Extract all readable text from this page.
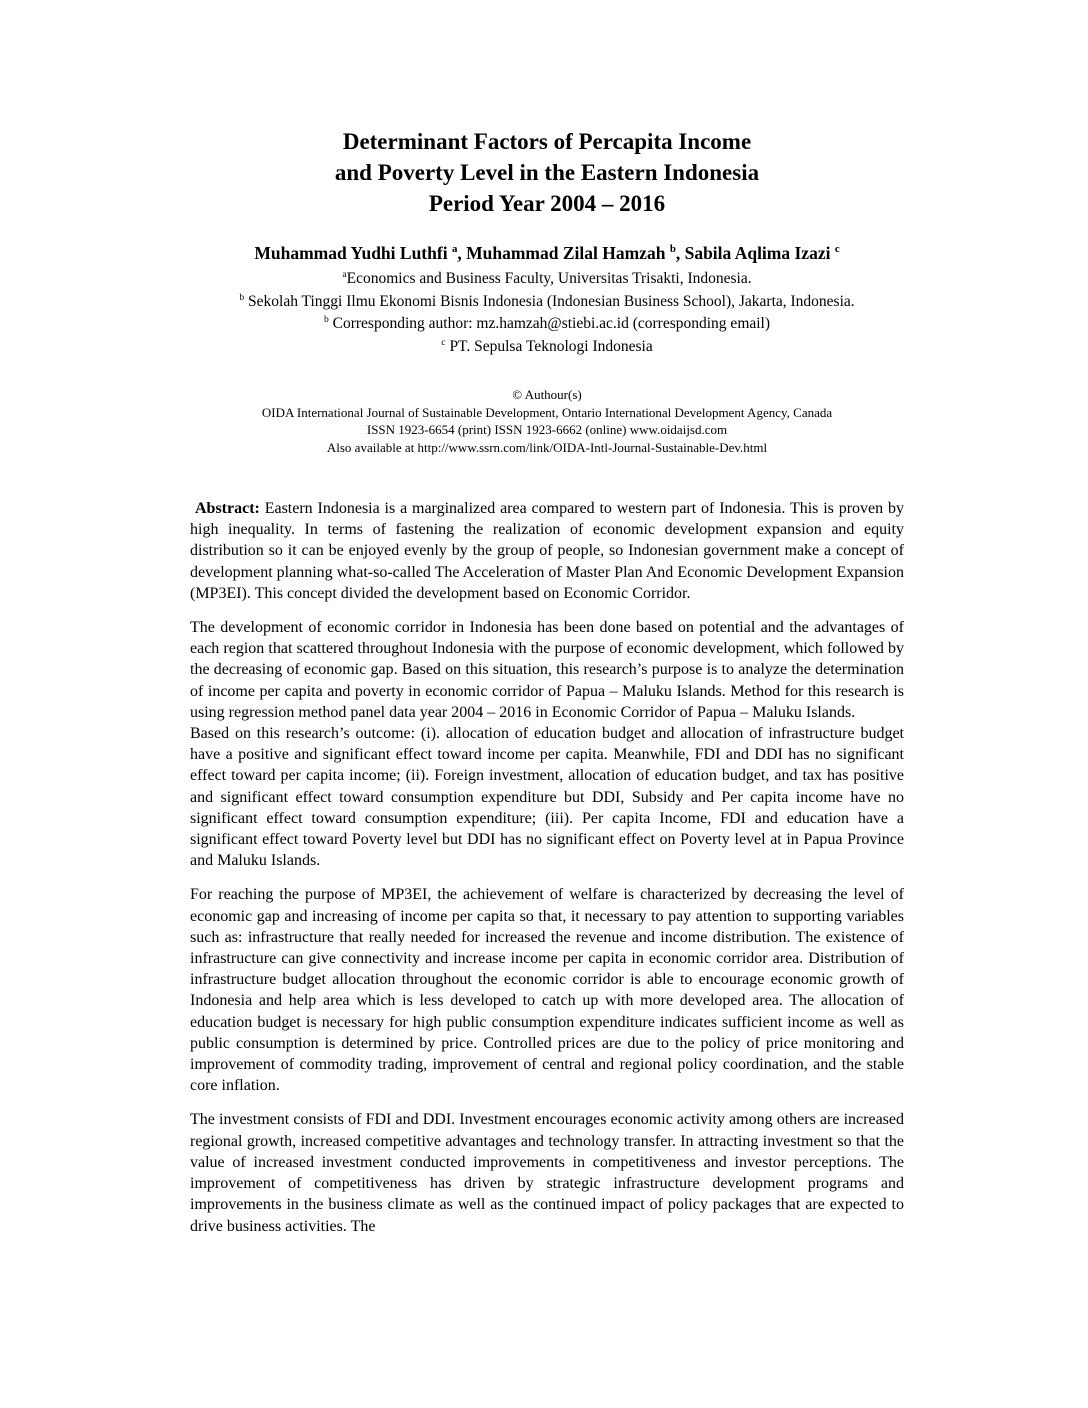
Determinant Factors of Percapita Income
and Poverty Level in the Eastern Indonesia
Period Year 2004 – 2016
Muhammad Yudhi Luthfi $^a$, Muhammad Zilal Hamzah $^b$, Sabila Aqlima Izazi $^c$
$^a$Economics and Business Faculty, Universitas Trisakti, Indonesia.
$^b$ Sekolah Tinggi Ilmu Ekonomi Bisnis Indonesia (Indonesian Business School), Jakarta, Indonesia.
$^b$ Corresponding author: mz.hamzah@stiebi.ac.id (corresponding email)
$^c$ PT. Sepulsa Teknologi Indonesia
© Authour(s)
OIDA International Journal of Sustainable Development, Ontario International Development Agency, Canada
ISSN 1923-6654 (print) ISSN 1923-6662 (online) www.oidaijsd.com
Also available at http://www.ssrn.com/link/OIDA-Intl-Journal-Sustainable-Dev.html

Abstract: Eastern Indonesia is a marginalized area compared to western part of Indonesia. This is proven by high inequality. In terms of fastening the realization of economic development expansion and equity distribution so it can be enjoyed evenly by the group of people, so Indonesian government make a concept of development planning what-so-called The Acceleration of Master Plan And Economic Development Expansion (MP3EI). This concept divided the development based on Economic Corridor.

The development of economic corridor in Indonesia has been done based on potential and the advantages of each region that scattered throughout Indonesia with the purpose of economic development, which followed by the decreasing of economic gap. Based on this situation, this research’s purpose is to analyze the determination of income per capita and poverty in economic corridor of Papua – Maluku Islands. Method for this research is using regression method panel data year 2004 – 2016 in Economic Corridor of Papua – Maluku Islands.

Based on this research’s outcome: (i). allocation of education budget and allocation of infrastructure budget have a positive and significant effect toward income per capita. Meanwhile, FDI and DDI has no significant effect toward per capita income; (ii). Foreign investment, allocation of education budget, and tax has positive and significant effect toward consumption expenditure but DDI, Subsidy and Per capita income have no significant effect toward consumption expenditure; (iii). Per capita Income, FDI and education have a significant effect toward Poverty level but DDI has no significant effect on Poverty level at in Papua Province and Maluku Islands.

For reaching the purpose of MP3EI, the achievement of welfare is characterized by decreasing the level of economic gap and increasing of income per capita so that, it necessary to pay attention to supporting variables such as: infrastructure that really needed for increased the revenue and income distribution. The existence of infrastructure can give connectivity and increase income per capita in economic corridor area. Distribution of infrastructure budget allocation throughout the economic corridor is able to encourage economic growth of Indonesia and help area which is less developed to catch up with more developed area. The allocation of education budget is necessary for high public consumption expenditure indicates sufficient income as well as public consumption is determined by price. Controlled prices are due to the policy of price monitoring and improvement of commodity trading, improvement of central and regional policy coordination, and the stable core inflation.

The investment consists of FDI and DDI. Investment encourages economic activity among others are increased regional growth, increased competitive advantages and technology transfer. In attracting investment so that the value of increased investment conducted improvements in competitiveness and investor perceptions. The improvement of competitiveness has driven by strategic infrastructure development programs and improvements in the business climate as well as the continued impact of policy packages that are expected to drive business activities. The
